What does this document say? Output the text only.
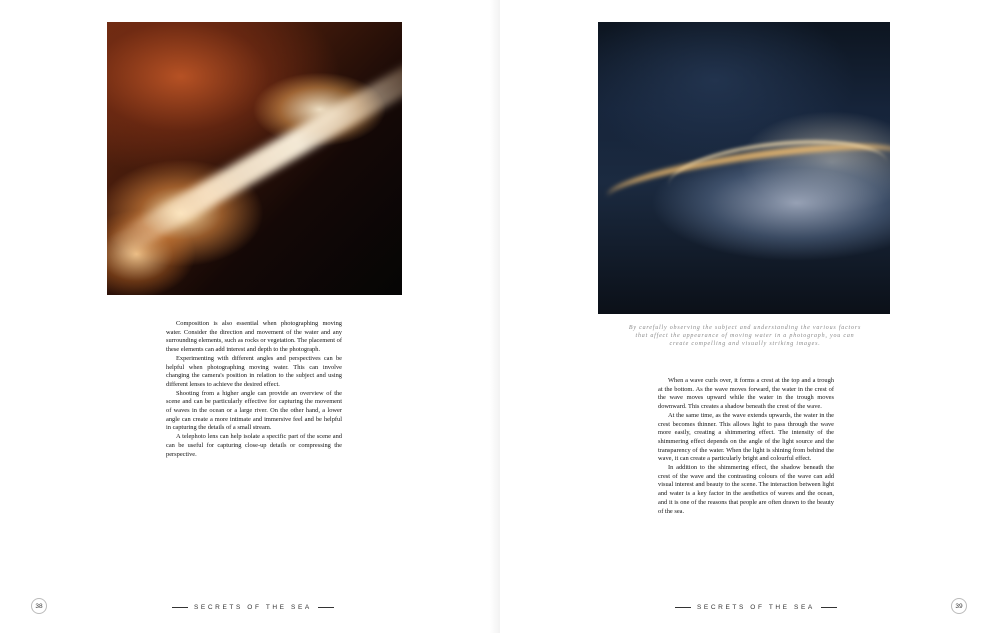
Composition is also essential when photographing moving water. Consider the direction and movement of the water and any surrounding elements, such as rocks or vegetation. The placement of these elements can add interest and depth to the photograph.

Experimenting with different angles and perspectives can be helpful when photographing moving water. This can involve changing the camera's position in relation to the subject and using different lenses to achieve the desired effect.

Shooting from a higher angle can provide an overview of the scene and can be particularly effective for capturing the movement of waves in the ocean or a large river. On the other hand, a lower angle can create a more intimate and immersive feel and be helpful in capturing the details of a small stream.

A telephoto lens can help isolate a specific part of the scene and can be useful for capturing close-up details or compressing the perspective.

38	SECRETS OF THE SEA
By carefully observing the subject and understanding the various factors that affect the appearance of moving water in a photograph, you can create compelling and visually striking images.

When a wave curls over, it forms a crest at the top and a trough at the bottom. As the wave moves forward, the water in the crest of the wave moves upward while the water in the trough moves downward. This creates a shadow beneath the crest of the wave.

At the same time, as the wave extends upwards, the water in the crest becomes thinner. This allows light to pass through the wave more easily, creating a shimmering effect. The intensity of the shimmering effect depends on the angle of the light source and the transparency of the water. When the light is shining from behind the wave, it can create a particularly bright and colourful effect.

In addition to the shimmering effect, the shadow beneath the crest of the wave and the contrasting colours of the wave can add visual interest and beauty to the scene. The interaction between light and water is a key factor in the aesthetics of waves and the ocean, and it is one of the reasons that people are often drawn to the beauty of the sea.

SECRETS OF THE SEA	39
